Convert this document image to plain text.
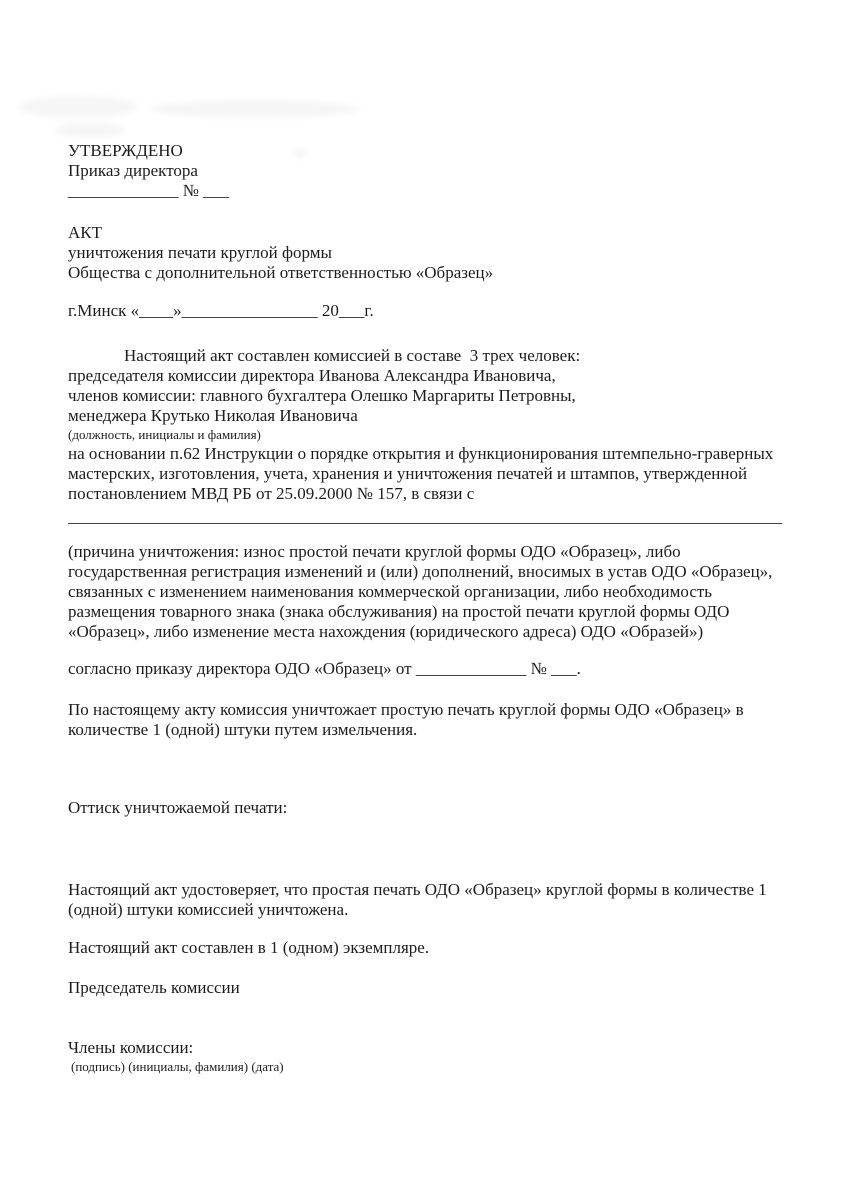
УТВЕРЖДЕНО
Приказ директора
_____________ № ___
АКТ
уничтожения печати круглой формы
Общества с дополнительной ответственностью «Образец»
г.Минск «____»________________ 20___г.
Настоящий акт составлен комиссией в составе  3 трех человек:
председателя комиссии директора Иванова Александра Ивановича,
членов комиссии: главного бухгалтера Олешко Маргариты Петровны,
менеджера Крутько Николая Ивановича
(должность, инициалы и фамилия)
на основании п.62 Инструкции о порядке открытия и функционирования штемпельно-граверных
мастерских, изготовления, учета, хранения и уничтожения печатей и штампов, утвержденной
постановлением МВД РБ от 25.09.2000 № 157, в связи с
____________________________________________________________________________________
(причина уничтожения: износ простой печати круглой формы ОДО «Образец», либо
государственная регистрация изменений и (или) дополнений, вносимых в устав ОДО «Образец»,
связанных с изменением наименования коммерческой организации, либо необходимость
размещения товарного знака (знака обслуживания) на простой печати круглой формы ОДО
«Образец», либо изменение места нахождения (юридического адреса) ОДО «Образей»)
согласно приказу директора ОДО «Образец» от _____________ № ___.
По настоящему акту комиссия уничтожает простую печать круглой формы ОДО «Образец» в
количестве 1 (одной) штуки путем измельчения.
Оттиск уничтожаемой печати:
Настоящий акт удостоверяет, что простая печать ОДО «Образец» круглой формы в количестве 1
(одной) штуки комиссией уничтожена.
Настоящий акт составлен в 1 (одном) экземпляре.
Председатель комиссии
Члены комиссии:
(подпись) (инициалы, фамилия) (дата)
